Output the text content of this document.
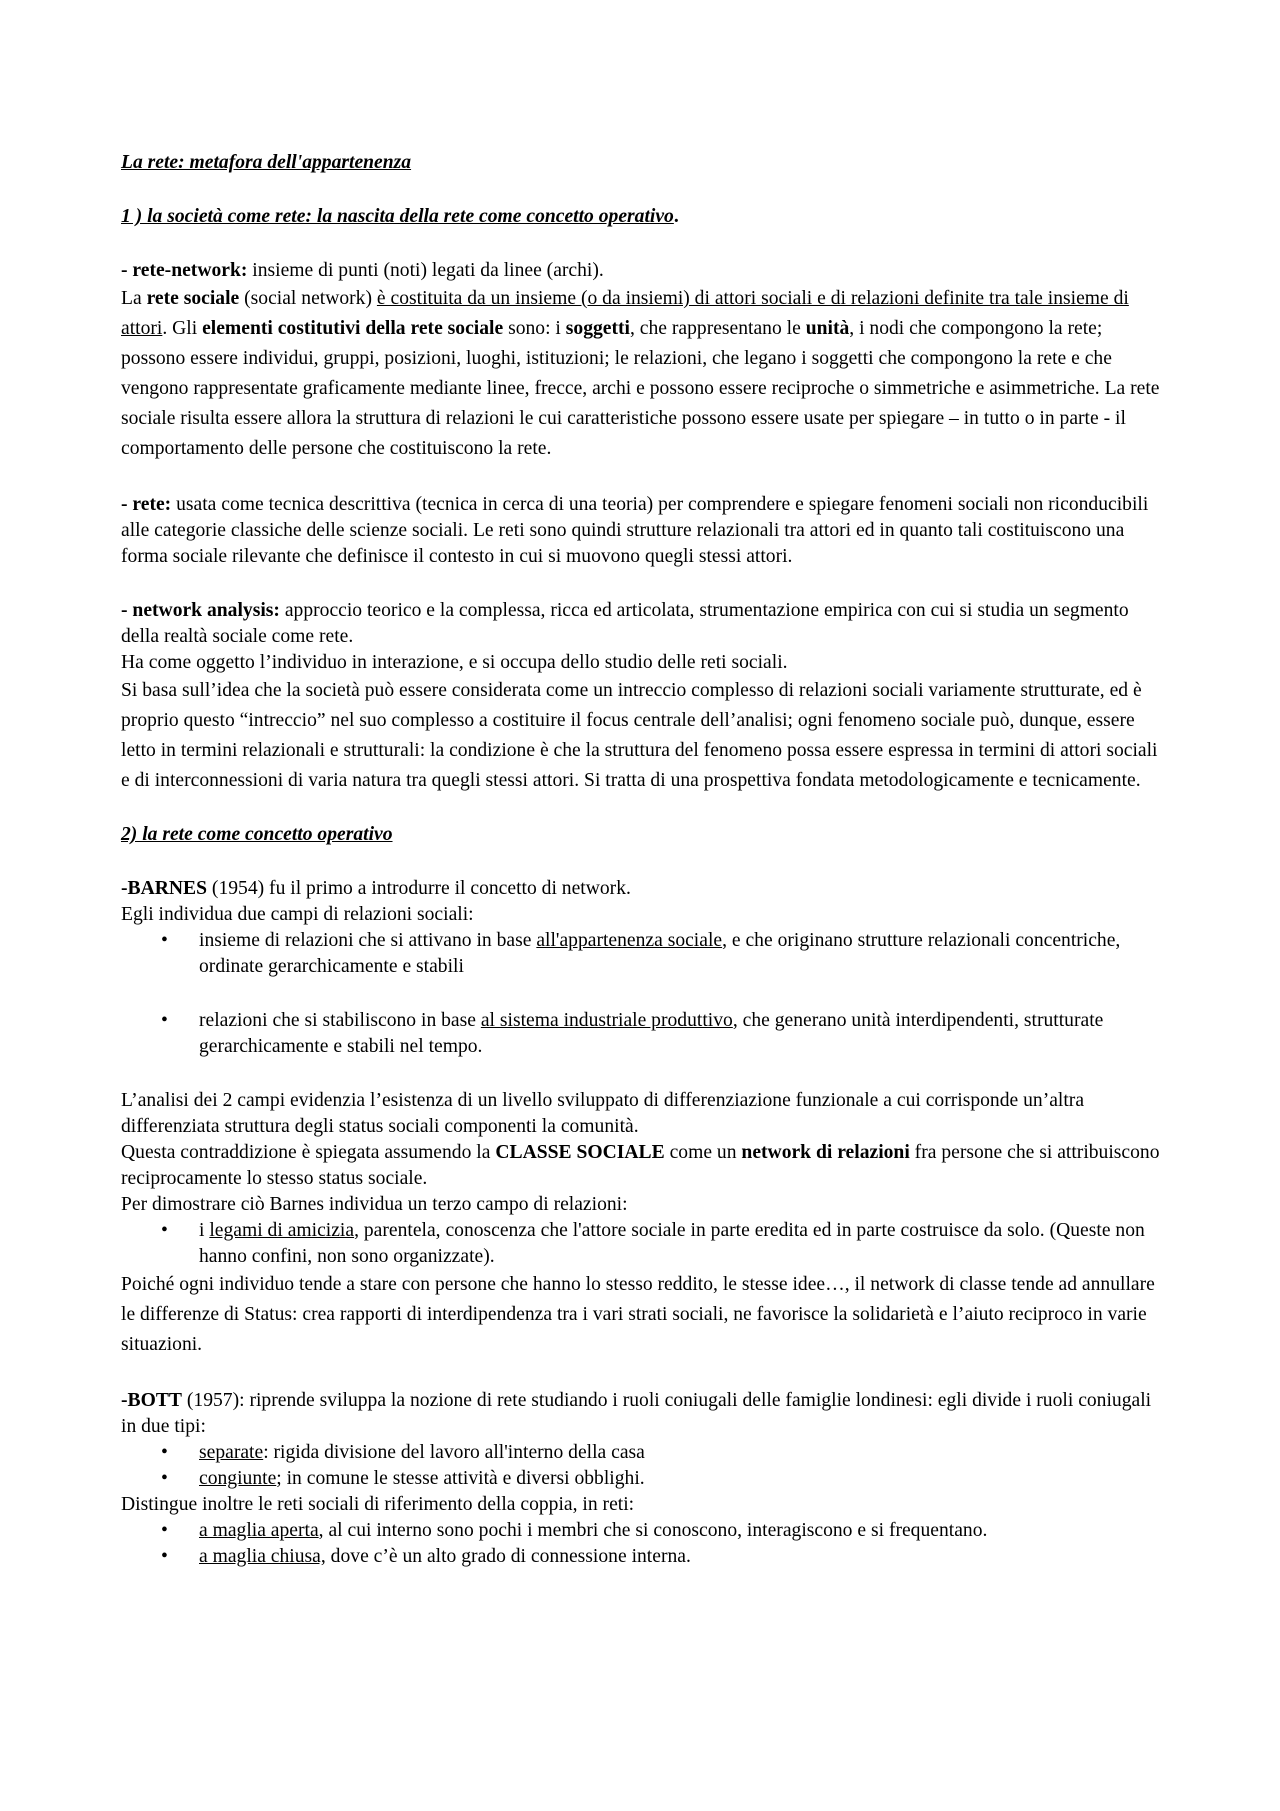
La rete: metafora dell'appartenenza

1 ) la società come rete: la nascita della rete come concetto operativo.

- rete-network: insieme di punti (noti) legati da linee (archi).

La rete sociale (social network) è costituita da un insieme (o da insiemi) di attori sociali e di relazioni definite tra tale insieme di attori. Gli elementi costitutivi della rete sociale sono: i soggetti, che rappresentano le unità, i nodi che compongono la rete; possono essere individui, gruppi, posizioni, luoghi, istituzioni; le relazioni, che legano i soggetti che compongono la rete e che vengono rappresentate graficamente mediante linee, frecce, archi e possono essere reciproche o simmetriche e asimmetriche. La rete sociale risulta essere allora la struttura di relazioni le cui caratteristiche possono essere usate per spiegare – in tutto o in parte - il comportamento delle persone che costituiscono la rete.

- rete: usata come tecnica descrittiva (tecnica in cerca di una teoria) per comprendere e spiegare fenomeni sociali non riconducibili alle categorie classiche delle scienze sociali. Le reti sono quindi strutture relazionali tra attori ed in quanto tali costituiscono una forma sociale rilevante che definisce il contesto in cui si muovono quegli stessi attori.

- network analysis: approccio teorico e la complessa, ricca ed articolata, strumentazione empirica con cui si studia un segmento della realtà sociale come rete.

Ha come oggetto l’individuo in interazione, e si occupa dello studio delle reti sociali.

Si basa sull’idea che la società può essere considerata come un intreccio complesso di relazioni sociali variamente strutturate, ed è proprio questo “intreccio” nel suo complesso a costituire il focus centrale dell’analisi; ogni fenomeno sociale può, dunque, essere letto in termini relazionali e strutturali: la condizione è che la struttura del fenomeno possa essere espressa in termini di attori sociali e di interconnessioni di varia natura tra quegli stessi attori. Si tratta di una prospettiva fondata metodologicamente e tecnicamente.

2) la rete come concetto operativo

-BARNES (1954) fu il primo a introdurre il concetto di network.

Egli individua due campi di relazioni sociali:

• insieme di relazioni che si attivano in base all'appartenenza sociale, e che originano strutture relazionali concentriche, ordinate gerarchicamente e stabili

• relazioni che si stabiliscono in base al sistema industriale produttivo, che generano unità interdipendenti, strutturate gerarchicamente e stabili nel tempo.

L’analisi dei 2 campi evidenzia l’esistenza di un livello sviluppato di differenziazione funzionale a cui corrisponde un’altra differenziata struttura degli status sociali componenti la comunità.

Questa contraddizione è spiegata assumendo la CLASSE SOCIALE come un network di relazioni fra persone che si attribuiscono reciprocamente lo stesso status sociale.

Per dimostrare ciò Barnes individua un terzo campo di relazioni:

• i legami di amicizia, parentela, conoscenza che l'attore sociale in parte eredita ed in parte costruisce da solo. (Queste non hanno confini, non sono organizzate).

Poiché ogni individuo tende a stare con persone che hanno lo stesso reddito, le stesse idee…, il network di classe tende ad annullare le differenze di Status: crea rapporti di interdipendenza tra i vari strati sociali, ne favorisce la solidarietà e l’aiuto reciproco in varie situazioni.

-BOTT (1957): riprende sviluppa la nozione di rete studiando i ruoli coniugali delle famiglie londinesi: egli divide i ruoli coniugali in due tipi:

• separate: rigida divisione del lavoro all'interno della casa

• congiunte; in comune le stesse attività e diversi obblighi.

Distingue inoltre le reti sociali di riferimento della coppia, in reti:

• a maglia aperta, al cui interno sono pochi i membri che si conoscono, interagiscono e si frequentano.

• a maglia chiusa, dove c’è un alto grado di connessione interna.
